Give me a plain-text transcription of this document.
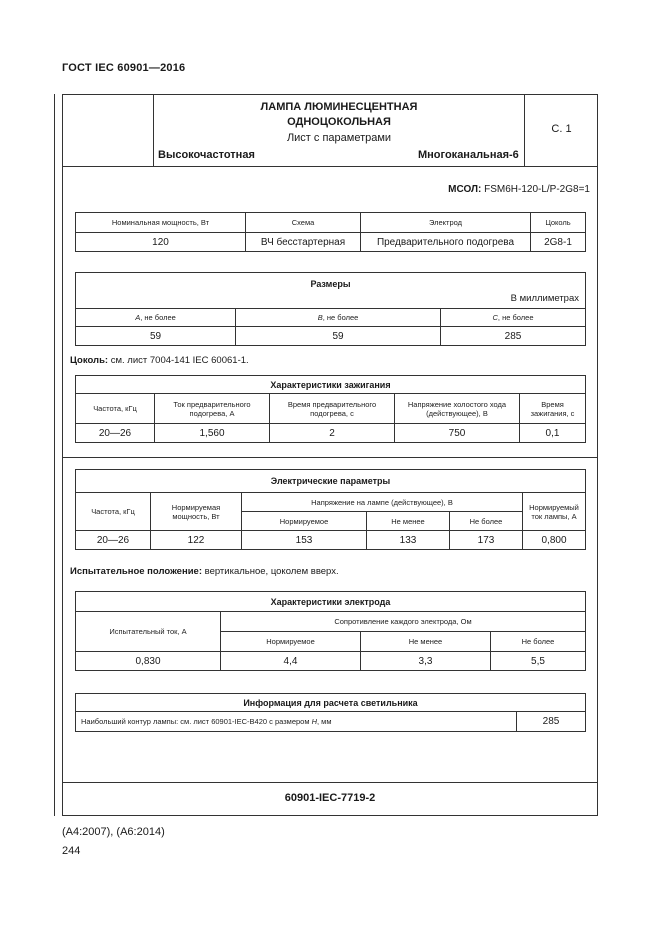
ГОСТ IEC 60901—2016
ЛАМПА ЛЮМИНЕСЦЕНТНАЯ
ОДНОЦОКОЛЬНАЯ
Лист с параметрами
Высокочастотная	Многоканальная-6
С. 1
МСОЛ: FSM6H-120-L/P-2G8=1
Номинальная мощность, Вт	Схема	Электрод	Цоколь
120	ВЧ бесстартерная	Предварительного подогрева	2G8-1
Размеры
В миллиметрах		

A, не более	B, не более	C, не более
59	59	285
Цоколь: см. лист 7004-141 IEC 60061-1.
Характеристики зажигания				
Частота, кГц	Ток предварительного подогрева, А	Время предварительного подогрева, с	Напряжение холостого хода (действующее), В	Время зажигания, с
20—26	1,560	2	750	0,1
Электрические параметры					
Частота, кГц	Нормируемая мощность, Вт	Напряжение на лампе (действующее), В			Нормируемый ток лампы, А
		Нормируемое	Не менее	Не более	
20—26	122	153	133	173	0,800
Испытательное положение: вертикальное, цоколем вверх.
Характеристики электрода			
Испытательный ток, А	Сопротивление каждого электрода, Ом		
	Нормируемое	Не менее	Не более
0,830	4,4	3,3	5,5
Информация для расчета светильника
Наибольший контур лампы: см. лист 60901-IEC-B420 с размером H, мм	285
60901-IEC-7719-2
(A4:2007), (A6:2014)
244
